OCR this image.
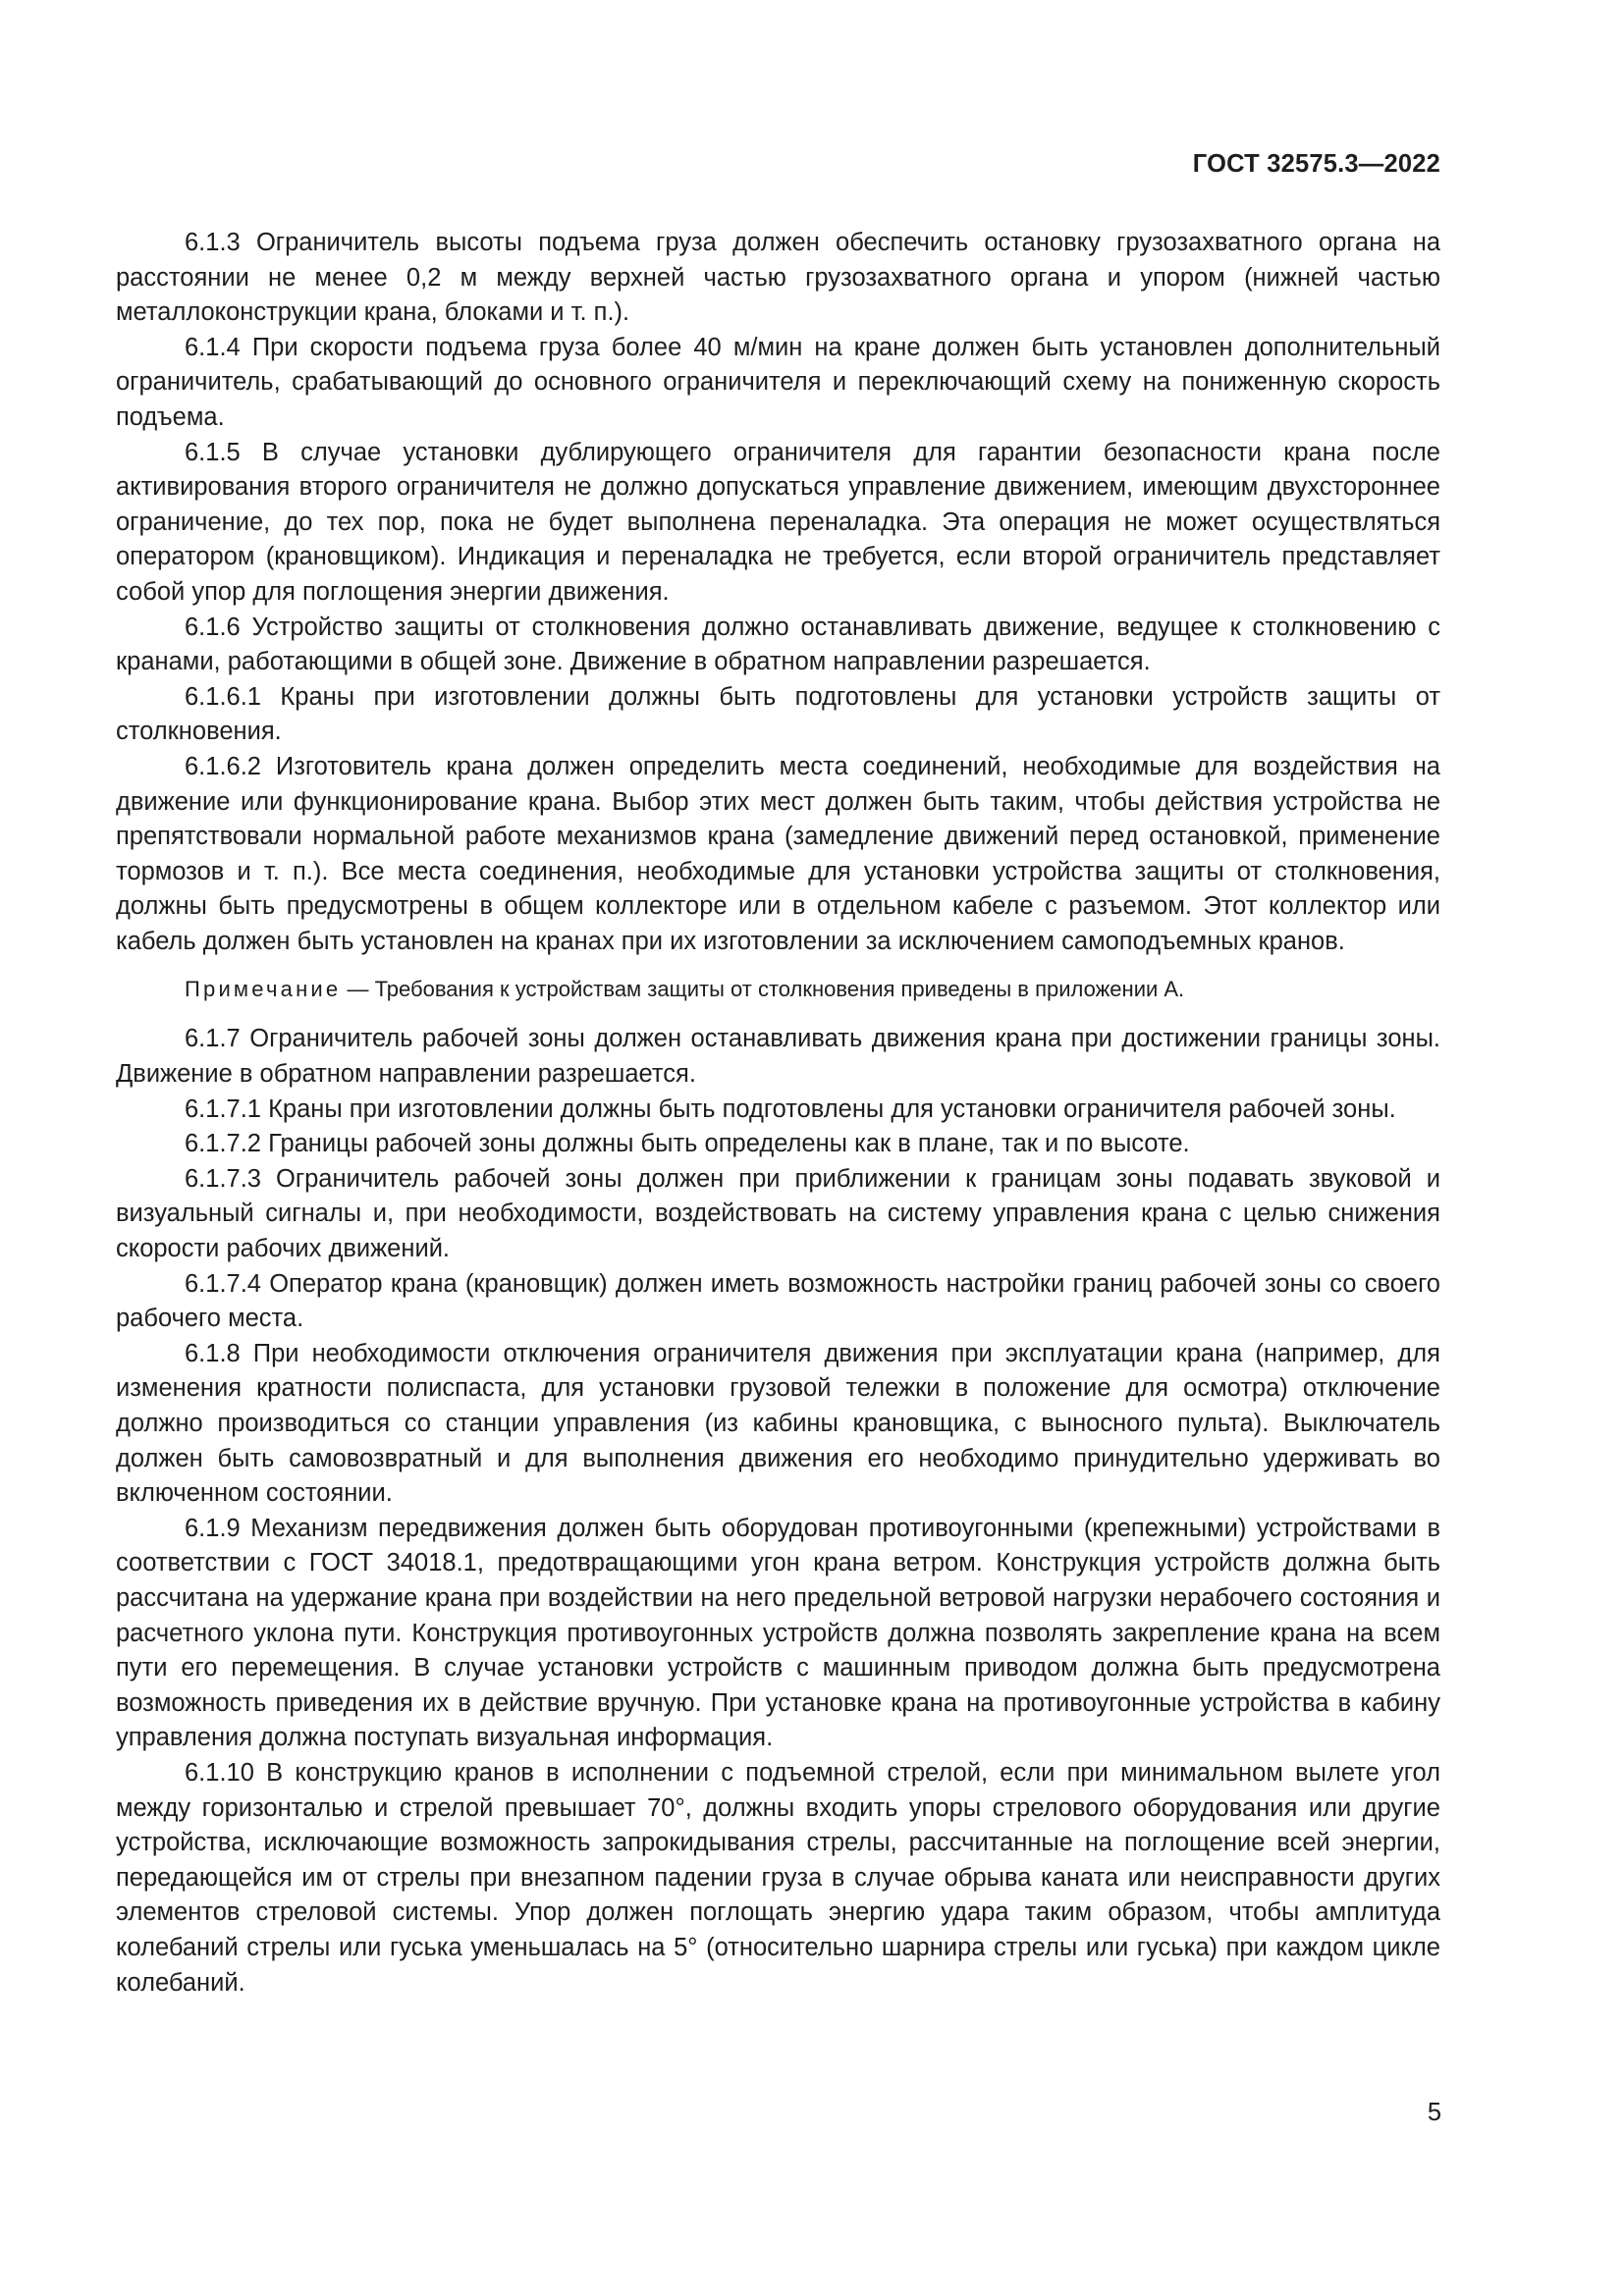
ГОСТ 32575.3—2022

6.1.3 Ограничитель высоты подъема груза должен обеспечить остановку грузозахватного органа на расстоянии не менее 0,2 м между верхней частью грузозахватного органа и упором (нижней частью металлоконструкции крана, блоками и т. п.).

6.1.4 При скорости подъема груза более 40 м/мин на кране должен быть установлен дополнительный ограничитель, срабатывающий до основного ограничителя и переключающий схему на пониженную скорость подъема.

6.1.5 В случае установки дублирующего ограничителя для гарантии безопасности крана после активирования второго ограничителя не должно допускаться управление движением, имеющим двухстороннее ограничение, до тех пор, пока не будет выполнена переналадка. Эта операция не может осуществляться оператором (крановщиком). Индикация и переналадка не требуется, если второй ограничитель представляет собой упор для поглощения энергии движения.

6.1.6 Устройство защиты от столкновения должно останавливать движение, ведущее к столкновению с кранами, работающими в общей зоне. Движение в обратном направлении разрешается.

6.1.6.1 Краны при изготовлении должны быть подготовлены для установки устройств защиты от столкновения.

6.1.6.2 Изготовитель крана должен определить места соединений, необходимые для воздействия на движение или функционирование крана. Выбор этих мест должен быть таким, чтобы действия устройства не препятствовали нормальной работе механизмов крана (замедление движений перед остановкой, применение тормозов и т. п.). Все места соединения, необходимые для установки устройства защиты от столкновения, должны быть предусмотрены в общем коллекторе или в отдельном кабеле с разъемом. Этот коллектор или кабель должен быть установлен на кранах при их изготовлении за исключением самоподъемных кранов.

Примечание — Требования к устройствам защиты от столкновения приведены в приложении А.

6.1.7 Ограничитель рабочей зоны должен останавливать движения крана при достижении границы зоны. Движение в обратном направлении разрешается.

6.1.7.1 Краны при изготовлении должны быть подготовлены для установки ограничителя рабочей зоны.

6.1.7.2 Границы рабочей зоны должны быть определены как в плане, так и по высоте.

6.1.7.3 Ограничитель рабочей зоны должен при приближении к границам зоны подавать звуковой и визуальный сигналы и, при необходимости, воздействовать на систему управления крана с целью снижения скорости рабочих движений.

6.1.7.4 Оператор крана (крановщик) должен иметь возможность настройки границ рабочей зоны со своего рабочего места.

6.1.8 При необходимости отключения ограничителя движения при эксплуатации крана (например, для изменения кратности полиспаста, для установки грузовой тележки в положение для осмотра) отключение должно производиться со станции управления (из кабины крановщика, с выносного пульта). Выключатель должен быть самовозвратный и для выполнения движения его необходимо принудительно удерживать во включенном состоянии.

6.1.9 Механизм передвижения должен быть оборудован противоугонными (крепежными) устройствами в соответствии с ГОСТ 34018.1, предотвращающими угон крана ветром. Конструкция устройств должна быть рассчитана на удержание крана при воздействии на него предельной ветровой нагрузки нерабочего состояния и расчетного уклона пути. Конструкция противоугонных устройств должна позволять закрепление крана на всем пути его перемещения. В случае установки устройств с машинным приводом должна быть предусмотрена возможность приведения их в действие вручную. При установке крана на противоугонные устройства в кабину управления должна поступать визуальная информация.

6.1.10 В конструкцию кранов в исполнении с подъемной стрелой, если при минимальном вылете угол между горизонталью и стрелой превышает 70°, должны входить упоры стрелового оборудования или другие устройства, исключающие возможность запрокидывания стрелы, рассчитанные на поглощение всей энергии, передающейся им от стрелы при внезапном падении груза в случае обрыва каната или неисправности других элементов стреловой системы. Упор должен поглощать энергию удара таким образом, чтобы амплитуда колебаний стрелы или гуська уменьшалась на 5° (относительно шарнира стрелы или гуська) при каждом цикле колебаний.

5
